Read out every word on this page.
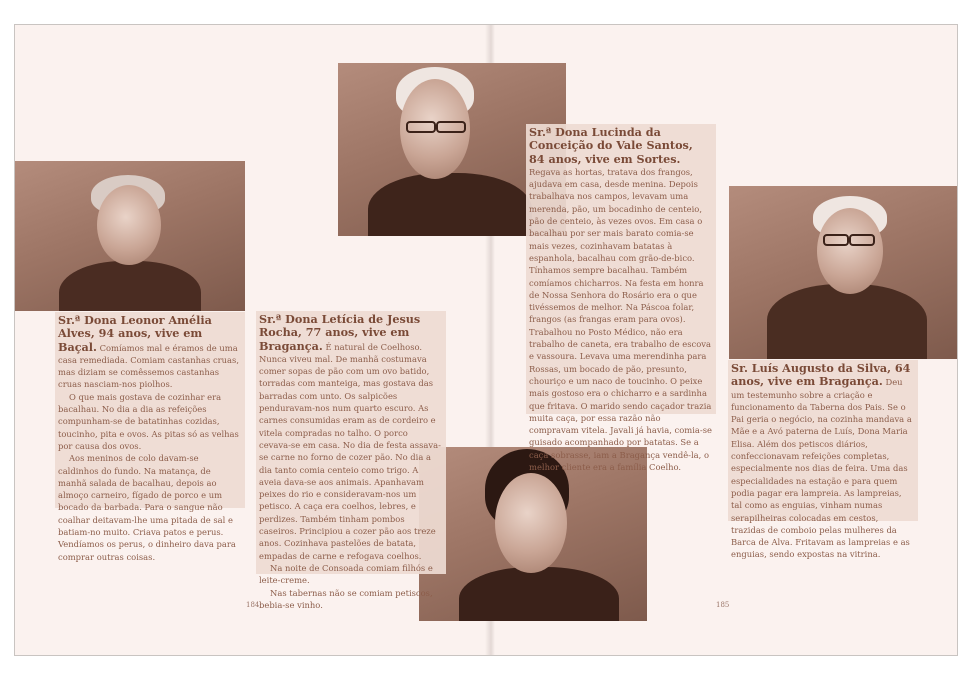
Sr.ª Dona Leonor Amélia Alves, 94 anos, vive em Baçal. Comíamos mal e éramos de uma casa remediada. Comiam castanhas cruas, mas diziam se comêssemos castanhas cruas nasciam-nos piolhos.

O que mais gostava de cozinhar era bacalhau. No dia a dia as refeições compunham-se de batatinhas cozidas, toucinho, pita e ovos. As pitas só as velhas por causa dos ovos.

Aos meninos de colo davam-se caldinhos do fundo. Na matança, de manhã salada de bacalhau, depois ao almoço carneiro, fígado de porco e um bocado da barbada. Para o sangue não coalhar deitavam-lhe uma pitada de sal e batiam-no muito. Criava patos e perus. Vendíamos os perus, o dinheiro dava para comprar outras coisas.

Sr.ª Dona Letícia de Jesus Rocha, 77 anos, vive em Bragança. É natural de Coelhoso. Nunca viveu mal. De manhã costumava comer sopas de pão com um ovo batido, torradas com manteiga, mas gostava das barradas com unto. Os salpicões penduravam-nos num quarto escuro. As carnes consumidas eram as de cordeiro e vitela compradas no talho. O porco cevava-se em casa. No dia de festa assava-se carne no forno de cozer pão. No dia a dia tanto comia centeio como trigo. A aveia dava-se aos animais. Apanhavam peixes do rio e consideravam-nos um petisco. A caça era coelhos, lebres, e perdizes. Também tinham pombos caseiros. Principiou a cozer pão aos treze anos. Cozinhava pastelões de batata, empadas de carne e refogava coelhos.

Na noite de Consoada comiam filhós e leite-creme.

Nas tabernas não se comiam petiscos, bebia-se vinho.

Sr.ª Dona Lucinda da Conceição do Vale Santos, 84 anos, vive em Sortes. Regava as hortas, tratava dos frangos, ajudava em casa, desde menina. Depois trabalhava nos campos, levavam uma merenda, pão, um bocadinho de centeio, pão de centeio, às vezes ovos. Em casa o bacalhau por ser mais barato comia-se mais vezes, cozinhavam batatas à espanhola, bacalhau com grão-de-bico. Tínhamos sempre bacalhau. Também comíamos chicharros. Na festa em honra de Nossa Senhora do Rosário era o que tivéssemos de melhor. Na Páscoa folar, frangos (as frangas eram para ovos). Trabalhou no Posto Médico, não era trabalho de caneta, era trabalho de escova e vassoura. Levava uma merendinha para Rossas, um bocado de pão, presunto, chouriço e um naco de toucinho. O peixe mais gostoso era o chicharro e a sardinha que fritava. O marido sendo caçador trazia muita caça, por essa razão não compravam vitela. Javali já havia, comia-se guisado acompanhado por batatas. Se a caça sobrasse, iam a Bragança vendê-la, o melhor cliente era a família Coelho.

Sr. Luís Augusto da Silva, 64 anos, vive em Bragança. Deu um testemunho sobre a criação e funcionamento da Taberna dos Pais. Se o Pai geria o negócio, na cozinha mandava a Mãe e a Avó paterna de Luís, Dona Maria Elisa. Além dos petiscos diários, confeccionavam refeições completas, especialmente nos dias de feira. Uma das especialidades na estação e para quem podia pagar era lampreia. As lampreias, tal como as enguias, vinham numas serapilheiras colocadas em cestos, trazidas de comboio pelas mulheres da Barca de Alva. Fritavam as lampreias e as enguias, sendo expostas na vitrina.

184	185
